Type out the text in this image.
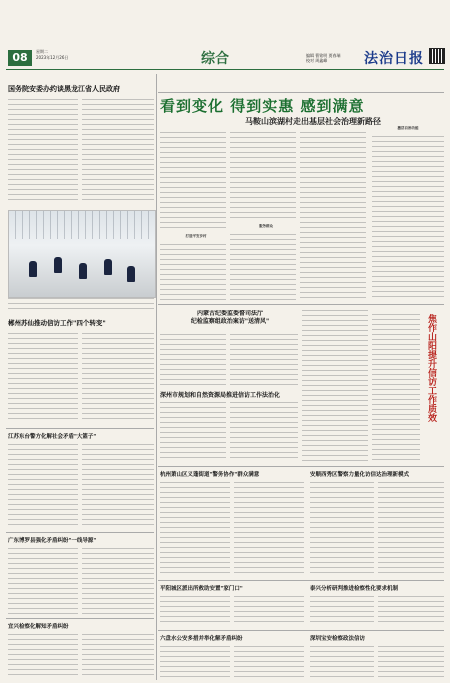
08	星期二
2023年12月26日	综合	编辑 曹铭明 贾春瑞
校对 周鑫峰	法治日报
国务院安委办约谈黑龙江省人民政府
郴州苏仙推动信访工作"四个转变"
看到变化 得到实惠 感到满意
马鞍山滨湖村走出基层社会治理新路径
打造平安乡村
服务群众
激活自治功能
内蒙古纪委监委督司法厅
纪检监察组政治案访"送清风"
深州市规划和自然资源局推进信访工作法治化	焦作山阳提升信访工作质效
江苏东台警方化解社会矛盾"大篮子"
杭州萧山区义蓬街道"警务协作"群众满意	安顺西秀区警察力量化访信达治理新模式
广东博罗县强化矛盾纠纷"一线导源"
平阳城区派出所救助安置"家门口"	泰兴分析研判推进检察性化要求机制
宜兴检察化解知矛盾纠纷
六盘水公安多措并举化解矛盾纠纷	深圳宝安检察政法信访
